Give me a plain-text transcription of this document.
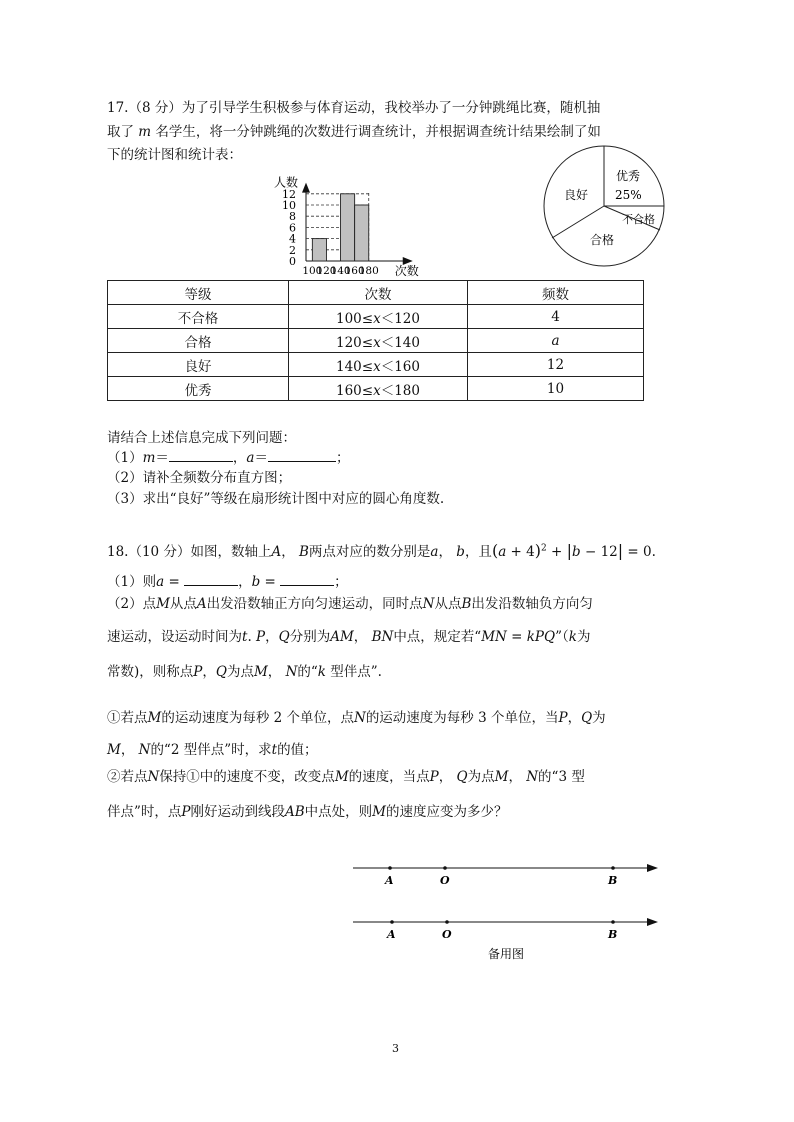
17.（8 分）为了引导学生积极参与体育运动，我校举办了一分钟跳绳比赛，随机抽
取了 m 名学生，将一分钟跳绳的次数进行调查统计，并根据调查统计结果绘制了如
下的统计图和统计表：
0
2
4
6
8
10
12
100
120
140
160
180
人数
次数
优秀
25%
良好
合格
不合格
等级	次数	频数
不合格	100≤x＜120	4
合格	120≤x＜140	a
良好	140≤x＜160	12
优秀	160≤x＜180	10
请结合上述信息完成下列问题：
（1）m＝	，a＝	；
（2）请补全频数分布直方图；
（3）求出“良好”等级在扇形统计图中对应的圆心角度数.
18.（10 分）如图，数轴上A， B两点对应的数分别是a， b，且$(a + 4)^2 + |b - 12| = 0$.
（1）则a =	，b =	；
（2）点M从点A出发沿数轴正方向匀速运动，同时点N从点B出发沿数轴负方向匀
速运动，设运动时间为t. P，Q分别为AM， BN中点，规定若“MN = kPQ”（k为
常数)，则称点P，Q为点M， N的“k 型伴点”.
①若点M的运动速度为每秒 2 个单位，点N的运动速度为每秒 3 个单位，当P，Q为
M， N的“2 型伴点”时，求t的值；
②若点N保持①中的速度不变，改变点M的速度，当点P， Q为点M， N的“3 型
伴点”时，点P刚好运动到线段AB中点处，则M的速度应变为多少？
A	O	B
A	O	B
备用图
3
